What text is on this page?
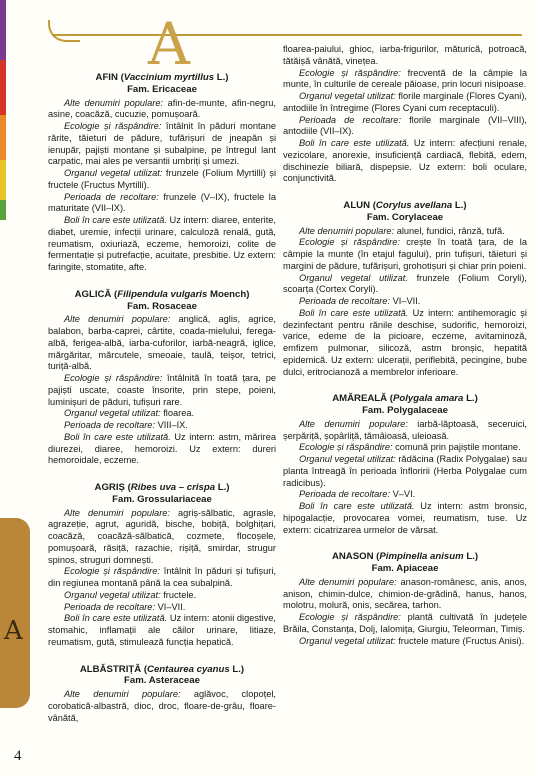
A
A
4
AFIN (Vaccinium myrtillus L.)
Fam. Ericaceae

Alte denumiri populare: afin-de-munte, afin-negru, asine, coacăză, cucuzie, pomușoară.

Ecologie și răspândire: întâlnit în păduri montane rărite, tăieturi de pădure, tufărișuri de jneapăn și ienupăr, pajiști montane și subalpine, pe întregul lant carpatic, mai ales pe versantii umbriți și umezi.

Organul vegetal utilizat: frunzele (Folium Myrtilli) și fructele (Fructus Myrtilli).

Perioada de recoltare: frunzele (V–IX), fructele la maturitate (VII–IX).

Boli în care este utilizată. Uz intern: diaree, enterite, diabet, uremie, infecții urinare, calculoză renală, gută, reumatism, oxiuriază, eczeme, hemoroizi, colite de fermentație și putrefacție, acuitate, presbitie. Uz extern: faringite, stomatite, afte.

AGLICĂ (Filipendula vulgaris Moench)
Fam. Rosaceae

Alte denumiri populare: anglică, aglis, agrice, balabon, barba-caprei, cârtite, coada-mielului, ferega-albă, ferigea-albă, iarba-cuforilor, iarbă-neagră, iglice, mărgăritar, mărcutele, smeoaie, taulă, teișor, tetrici, turiță-albă.

Ecologie și răspândire: întâlnită în toată țara, pe pajiști uscate, coaste însorite, prin stepe, poieni, luminișuri de păduri, tufișuri rare.

Organul vegetal utilizat: floarea.

Perioada de recoltare: VIII–IX.

Boli în care este utilizată. Uz intern: astm, mărirea diurezei, diaree, hemoroizi. Uz extern: dureri hemoroidale, eczeme.

AGRIȘ (Ribes uva – crispa L.)
Fam. Grossulariaceae

Alte denumiri populare: agriș-sălbatic, agrasle, agrazeție, agrut, aguridă, bische, bobiță, bolghițari, coacăză, coacăză-sălbatică, cozmete, flocoșele, pomușoară, răsiță, razachie, rișiță, smirdar, strugur spinos, struguri domnești.

Ecologie și răspândire: întâlnit în păduri și tufișuri, din regiunea montană până la cea subalpină.

Organul vegetal utilizat: fructele.

Perioada de recoltare: VI–VII.

Boli în care este utilizată. Uz intern: atonii digestive, stomahic, inflamații ale căilor urinare, litiaze, reumatism, gută, stimulează funcția hepatică.

ALBĂSTRIȚĂ (Centaurea cyanus L.)
Fam. Asteraceae

Alte denumiri populare: aglăvoc, clopoțel, corobatică-albastră, dioc, droc, floare-de-grâu, floare-vânătă,

floarea-paiului, ghioc, iarba-frigurilor, măturică, potroacă, tătăișă vânătă, vinețea.

Ecologie și răspândire: frecventă de la câmpie la munte, în culturile de cereale păioase, prin locuri nisipoase.

Organul vegetal utilizat: florile marginale (Flores Cyani), antodiile în întregime (Flores Cyani cum receptaculi).

Perioada de recoltare: florile marginale (VII–VIII), antodiile (VII–IX).

Boli în care este utilizată. Uz intern: afecțiuni renale, vezicolare, anorexie, insuficiență cardiacă, flebită, edem, dischinezie biliară, dispepsie. Uz extern: boli oculare, conjunctivită.

ALUN (Corylus avellana L.)
Fam. Corylaceae

Alte denumiri populare: alunel, fundici, rânză, tufă.

Ecologie și răspândire: crește în toată țara, de la câmpie la munte (în etajul fagului), prin tufișuri, tăieturi și margini de pădure, tufărișuri, grohotișuri și chiar prin poieni.

Organul vegetal utilizat. frunzele (Folium Coryli), scoarța (Cortex Coryli).

Perioada de recoltare: VI–VII.

Boli în care este utilizată. Uz intern: antihemoragic și dezinfectant pentru rănile deschise, sudorific, hemoroizi, varice, edeme de la picioare, eczeme, avitaminoză, emfizem pulmonar, silicoză, astm bronșic, hepatită epidemică. Uz extern: ulcerații, periflebită, pecingine, bube dulci, eritrocianoză a membrelor inferioare.

AMĂREALĂ (Polygala amara L.)
Fam. Polygalaceae

Alte denumiri populare: iarbă-lăptoasă, seceruici, șerpăriță, șopârliță, tămâioasă, uleioasă.

Ecologie și răspândire: comună prin pajiștile montane.

Organul vegetal utilizat: rădăcina (Radix Polygalae) sau planta întreagă în perioada înfloririi (Herba Polygalae cum radicibus).

Perioada de recoltare: V–VI.

Boli în care este utilizată. Uz intern: astm bronsic, hipogalacție, provocarea vomei, reumatism, tuse. Uz extern: cicatrizarea urmelor de vărsat.

ANASON (Pimpinella anisum L.)
Fam. Apiaceae

Alte denumiri populare: anason-românesc, anis, anos, anison, chimin-dulce, chimion-de-grădină, hanus, hanos, molotru, molură, onis, secărea, tarhon.

Ecologie și răspândire: plantă cultivată în județele Brăila, Constanța, Dolj, Ialomița, Giurgiu, Teleorman, Timiș.

Organul vegetal utilizat: fructele mature (Fructus Anisi).
